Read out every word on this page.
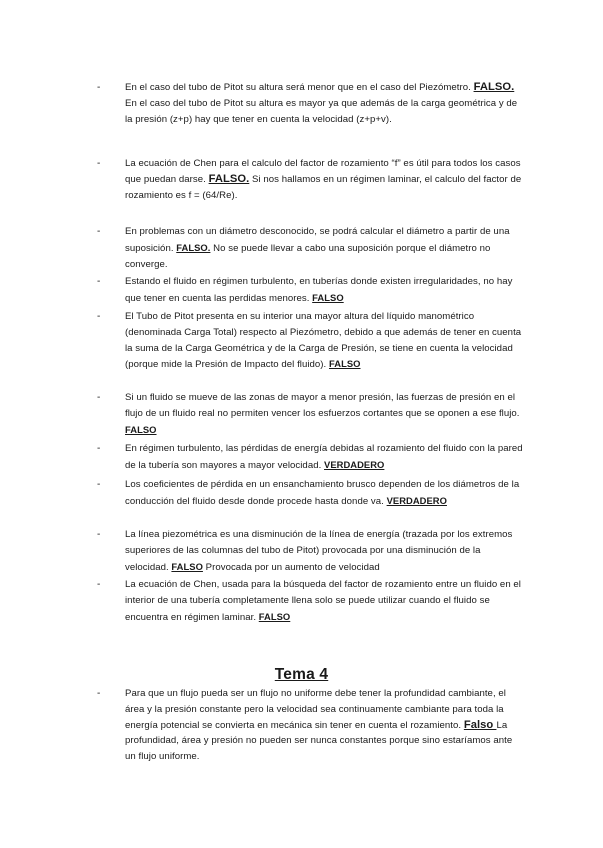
-	En el caso del tubo de Pitot su altura será menor que en el caso del Piezómetro. FALSO. En el caso del tubo de Pitot su altura es mayor ya que además de la carga geométrica y de la presión (z+p) hay que tener en cuenta la velocidad (z+p+v).
-	La ecuación de Chen para el calculo del factor de rozamiento “f” es útil para todos los casos que puedan darse. FALSO. Si nos hallamos en un régimen laminar, el calculo del factor de rozamiento es f = (64/Re).
-	En problemas con un diámetro desconocido, se podrá calcular el diámetro a partir de una suposición. FALSO. No se puede llevar a cabo una suposición porque el diámetro no converge.
-	Estando el fluido en régimen turbulento, en tuberías donde existen irregularidades, no hay que tener en cuenta las perdidas menores. FALSO
-	El Tubo de Pitot presenta en su interior una mayor altura del líquido manométrico (denominada Carga Total) respecto al Piezómetro, debido a que además de tener en cuenta la suma de la Carga Geométrica y de la Carga de Presión, se tiene en cuenta la velocidad (porque mide la Presión de Impacto del fluido). FALSO
-	Si un fluido se mueve de las zonas de mayor a menor presión, las fuerzas de presión en el flujo de un fluido real no permiten vencer los esfuerzos cortantes que se oponen a ese flujo. FALSO
-	En régimen turbulento, las pérdidas de energía debidas al rozamiento del fluido con la pared de la tubería son mayores a mayor velocidad. VERDADERO
-	Los coeficientes de pérdida en un ensanchamiento brusco dependen de los diámetros de la conducción del fluido desde donde procede hasta donde va. VERDADERO
-	La línea piezométrica es una disminución de la línea de energía (trazada por los extremos superiores de las columnas del tubo de Pitot) provocada por una disminución de la velocidad. FALSO Provocada por un aumento de velocidad
-	La ecuación de Chen, usada para la búsqueda del factor de rozamiento entre un fluido en el interior de una tubería completamente llena solo se puede utilizar cuando el fluido se encuentra en régimen laminar. FALSO
Tema 4
-	Para que un flujo pueda ser un flujo no uniforme debe tener la profundidad cambiante, el área y la presión constante pero la velocidad sea continuamente cambiante para toda la energía potencial se convierta en mecánica sin tener en cuenta el rozamiento. Falso La profundidad, área y presión no pueden ser nunca constantes porque sino estaríamos ante un flujo uniforme.
